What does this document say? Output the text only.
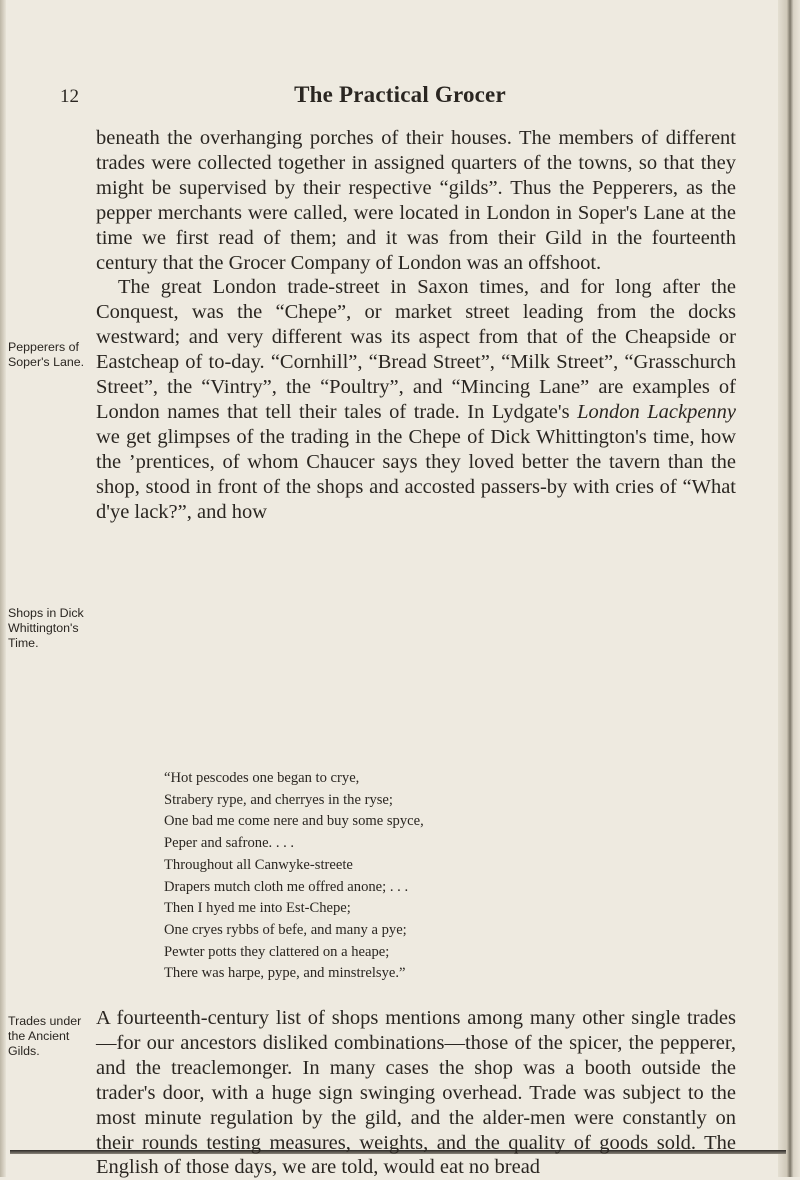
12	The Practical Grocer
Pepperers of Soper's Lane.
Shops in Dick Whittington's Time.
Trades under the Ancient Gilds.

beneath the overhanging porches of their houses. The members of different trades were collected together in assigned quarters of the towns, so that they might be supervised by their respective “gilds”. Thus the Pepperers, as the pepper merchants were called, were located in London in Soper's Lane at the time we first read of them; and it was from their Gild in the fourteenth century that the Grocer Company of London was an offshoot.

The great London trade-street in Saxon times, and for long after the Conquest, was the “Chepe”, or market street leading from the docks westward; and very different was its aspect from that of the Cheapside or Eastcheap of to-day. “Cornhill”, “Bread Street”, “Milk Street”, “Grasschurch Street”, the “Vintry”, the “Poultry”, and “Mincing Lane” are examples of London names that tell their tales of trade. In Lydgate's London Lackpenny we get glimpses of the trading in the Chepe of Dick Whittington's time, how the ’prentices, of whom Chaucer says they loved better the tavern than the shop, stood in front of the shops and accosted passers-by with cries of “What d'ye lack?”, and how

“Hot pescodes one began to crye,
Strabery rype, and cherryes in the ryse;
One bad me come nere and buy some spyce,
Peper and safrone. . . .
Throughout all Canwyke-streete
Drapers mutch cloth me offred anone; . . .
Then I hyed me into Est-Chepe;
One cryes rybbs of befe, and many a pye;
Pewter potts they clattered on a heape;
There was harpe, pype, and minstrelsye.”

A fourteenth-century list of shops mentions among many other single trades—for our ancestors disliked combinations—those of the spicer, the pepperer, and the treaclemonger. In many cases the shop was a booth outside the trader's door, with a huge sign swinging overhead. Trade was subject to the most minute regulation by the gild, and the alder-men were constantly on their rounds testing measures, weights, and the quality of goods sold. The English of those days, we are told, would eat no bread
